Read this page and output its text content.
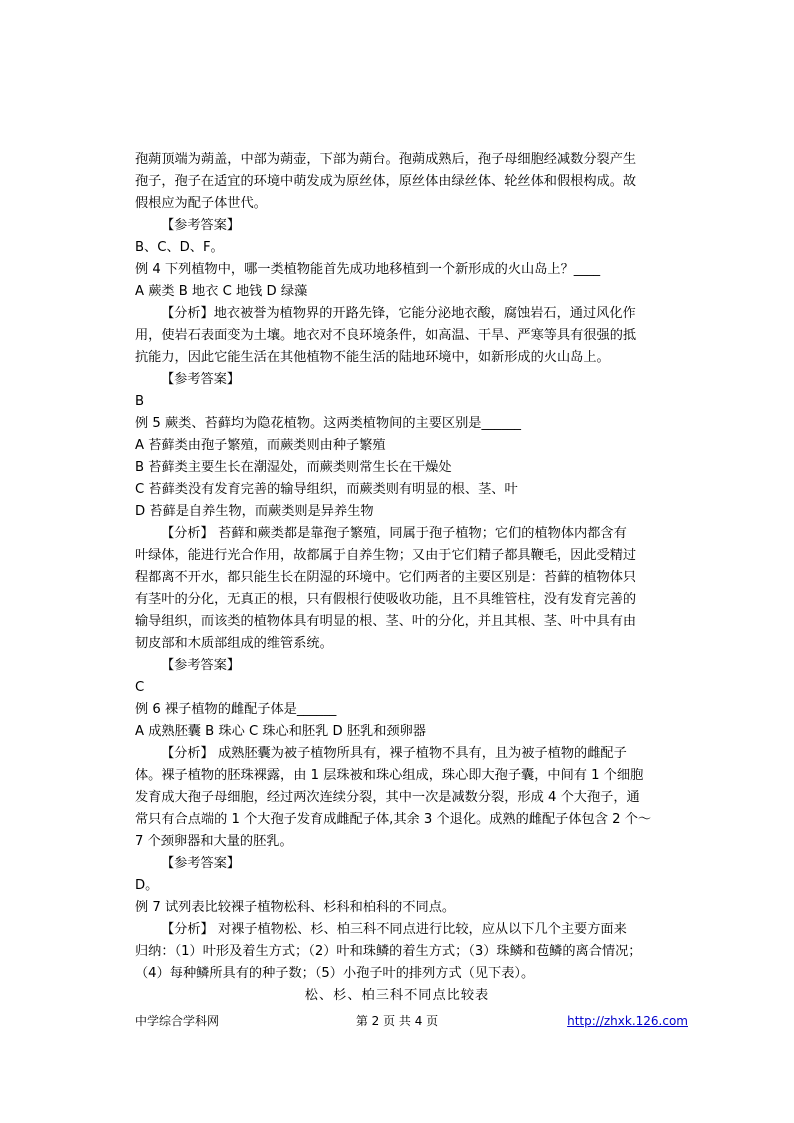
孢蒴顶端为蒴盖，中部为蒴壶，下部为蒴台。孢蒴成熟后，孢子母细胞经减数分裂产生
孢子，孢子在适宜的环境中萌发成为原丝体，原丝体由绿丝体、轮丝体和假根构成。故
假根应为配子体世代。
【参考答案】
B、C、D、F。
例 4 下列植物中，哪一类植物能首先成功地移植到一个新形成的火山岛上？____
A 蕨类 B 地衣 C 地钱 D 绿藻
【分析】地衣被誉为植物界的开路先锋，它能分泌地衣酸，腐蚀岩石，通过风化作
用，使岩石表面变为土壤。地衣对不良环境条件，如高温、干旱、严寒等具有很强的抵
抗能力，因此它能生活在其他植物不能生活的陆地环境中，如新形成的火山岛上。
【参考答案】
B
例 5 蕨类、苔藓均为隐花植物。这两类植物间的主要区别是______
A 苔藓类由孢子繁殖，而蕨类则由种子繁殖
B 苔藓类主要生长在潮湿处，而蕨类则常生长在干燥处
C 苔藓类没有发育完善的输导组织，而蕨类则有明显的根、茎、叶
D 苔藓是自养生物，而蕨类则是异养生物
【分析】 苔藓和蕨类都是靠孢子繁殖，同属于孢子植物；它们的植物体内都含有
叶绿体，能进行光合作用，故都属于自养生物；又由于它们精子都具鞭毛，因此受精过
程都离不开水，都只能生长在阴湿的环境中。它们两者的主要区别是：苔藓的植物体只
有茎叶的分化，无真正的根，只有假根行使吸收功能，且不具维管柱，没有发育完善的
输导组织，而该类的植物体具有明显的根、茎、叶的分化，并且其根、茎、叶中具有由
韧皮部和木质部组成的维管系统。
【参考答案】
C
例 6 裸子植物的雌配子体是______
A 成熟胚囊 B 珠心 C 珠心和胚乳 D 胚乳和颈卵器
【分析】 成熟胚囊为被子植物所具有，裸子植物不具有，且为被子植物的雌配子
体。裸子植物的胚珠裸露，由 1 层珠被和珠心组成，珠心即大孢子囊，中间有 1 个细胞
发育成大孢子母细胞，经过两次连续分裂，其中一次是减数分裂，形成 4 个大孢子，通
常只有合点端的 1 个大孢子发育成雌配子体,其余 3 个退化。成熟的雌配子体包含 2 个～
7 个颈卵器和大量的胚乳。
【参考答案】
D。
例 7 试列表比较裸子植物松科、杉科和柏科的不同点。
【分析】 对裸子植物松、杉、柏三科不同点进行比较，应从以下几个主要方面来
归纳：（1）叶形及着生方式；（2）叶和珠鳞的着生方式；（3）珠鳞和苞鳞的离合情况；
（4）每种鳞所具有的种子数；（5）小孢子叶的排列方式（见下表）。
松、杉、柏三科不同点比较表
中学综合学科网	第 2 页 共 4 页	http://zhxk.126.com
